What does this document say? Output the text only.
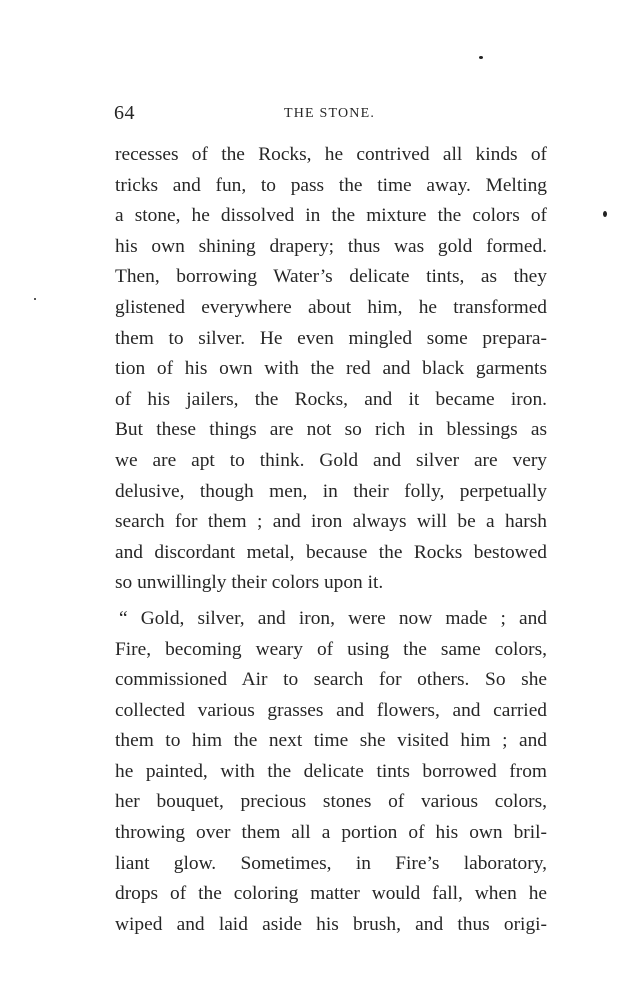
64	THE STONE.
recesses of the Rocks, he contrived all kinds of
tricks and fun, to pass the time away. Melting
a stone, he dissolved in the mixture the colors of
his own shining drapery; thus was gold formed.
Then, borrowing Water’s delicate tints, as they
glistened everywhere about him, he transformed
them to silver. He even mingled some prepara-
tion of his own with the red and black garments
of his jailers, the Rocks, and it became iron.
But these things are not so rich in blessings as
we are apt to think. Gold and silver are very
delusive, though men, in their folly, perpetually
search for them ; and iron always will be a harsh
and discordant metal, because the Rocks bestowed
so unwillingly their colors upon it.
“ Gold, silver, and iron, were now made ; and
Fire, becoming weary of using the same colors,
commissioned Air to search for others. So she
collected various grasses and flowers, and carried
them to him the next time she visited him ; and
he painted, with the delicate tints borrowed from
her bouquet, precious stones of various colors,
throwing over them all a portion of his own bril-
liant glow. Sometimes, in Fire’s laboratory,
drops of the coloring matter would fall, when he
wiped and laid aside his brush, and thus origi-
